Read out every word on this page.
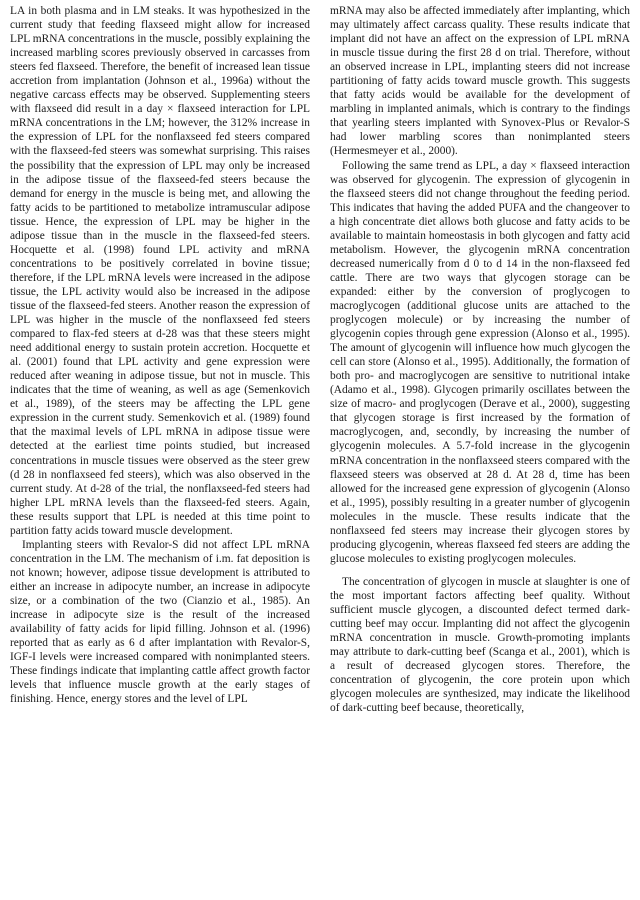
LA in both plasma and in LM steaks. It was hypothesized in the current study that feeding flaxseed might allow for increased LPL mRNA concentrations in the muscle, possibly explaining the increased marbling scores previously observed in carcasses from steers fed flaxseed. Therefore, the benefit of increased lean tissue accretion from implantation (Johnson et al., 1996a) without the negative carcass effects may be observed. Supplementing steers with flaxseed did result in a day × flaxseed interaction for LPL mRNA concentrations in the LM; however, the 312% increase in the expression of LPL for the nonflaxseed fed steers compared with the flaxseed-fed steers was somewhat surprising. This raises the possibility that the expression of LPL may only be increased in the adipose tissue of the flaxseed-fed steers because the demand for energy in the muscle is being met, and allowing the fatty acids to be partitioned to metabolize intramuscular adipose tissue. Hence, the expression of LPL may be higher in the adipose tissue than in the muscle in the flaxseed-fed steers. Hocquette et al. (1998) found LPL activity and mRNA concentrations to be positively correlated in bovine tissue; therefore, if the LPL mRNA levels were increased in the adipose tissue, the LPL activity would also be increased in the adipose tissue of the flaxseed-fed steers. Another reason the expression of LPL was higher in the muscle of the nonflaxseed fed steers compared to flax-fed steers at d-28 was that these steers might need additional energy to sustain protein accretion. Hocquette et al. (2001) found that LPL activity and gene expression were reduced after weaning in adipose tissue, but not in muscle. This indicates that the time of weaning, as well as age (Semenkovich et al., 1989), of the steers may be affecting the LPL gene expression in the current study. Semenkovich et al. (1989) found that the maximal levels of LPL mRNA in adipose tissue were detected at the earliest time points studied, but increased concentrations in muscle tissues were observed as the steer grew (d 28 in nonflaxseed fed steers), which was also observed in the current study. At d-28 of the trial, the nonflaxseed-fed steers had higher LPL mRNA levels than the flaxseed-fed steers. Again, these results support that LPL is needed at this time point to partition fatty acids toward muscle development.

Implanting steers with Revalor-S did not affect LPL mRNA concentration in the LM. The mechanism of i.m. fat deposition is not known; however, adipose tissue development is attributed to either an increase in adipocyte number, an increase in adipocyte size, or a combination of the two (Cianzio et al., 1985). An increase in adipocyte size is the result of the increased availability of fatty acids for lipid filling. Johnson et al. (1996) reported that as early as 6 d after implantation with Revalor-S, IGF-I levels were increased compared with nonimplanted steers. These findings indicate that implanting cattle affect growth factor levels that influence muscle growth at the early stages of finishing. Hence, energy stores and the level of LPL

mRNA may also be affected immediately after implanting, which may ultimately affect carcass quality. These results indicate that implant did not have an affect on the expression of LPL mRNA in muscle tissue during the first 28 d on trial. Therefore, without an observed increase in LPL, implanting steers did not increase partitioning of fatty acids toward muscle growth. This suggests that fatty acids would be available for the development of marbling in implanted animals, which is contrary to the findings that yearling steers implanted with Synovex-Plus or Revalor-S had lower marbling scores than nonimplanted steers (Hermesmeyer et al., 2000).

Following the same trend as LPL, a day × flaxseed interaction was observed for glycogenin. The expression of glycogenin in the flaxseed steers did not change throughout the feeding period. This indicates that having the added PUFA and the changeover to a high concentrate diet allows both glucose and fatty acids to be available to maintain homeostasis in both glycogen and fatty acid metabolism. However, the glycogenin mRNA concentration decreased numerically from d 0 to d 14 in the non-flaxseed fed cattle. There are two ways that glycogen storage can be expanded: either by the conversion of proglycogen to macroglycogen (additional glucose units are attached to the proglycogen molecule) or by increasing the number of glycogenin copies through gene expression (Alonso et al., 1995). The amount of glycogenin will influence how much glycogen the cell can store (Alonso et al., 1995). Additionally, the formation of both pro- and macroglycogen are sensitive to nutritional intake (Adamo et al., 1998). Glycogen primarily oscillates between the size of macro- and proglycogen (Derave et al., 2000), suggesting that glycogen storage is first increased by the formation of macroglycogen, and, secondly, by increasing the number of glycogenin molecules. A 5.7-fold increase in the glycogenin mRNA concentration in the nonflaxseed steers compared with the flaxseed steers was observed at 28 d. At 28 d, time has been allowed for the increased gene expression of glycogenin (Alonso et al., 1995), possibly resulting in a greater number of glycogenin molecules in the muscle. These results indicate that the nonflaxseed fed steers may increase their glycogen stores by producing glycogenin, whereas flaxseed fed steers are adding the glucose molecules to existing proglycogen molecules.

The concentration of glycogen in muscle at slaughter is one of the most important factors affecting beef quality. Without sufficient muscle glycogen, a discounted defect termed dark-cutting beef may occur. Implanting did not affect the glycogenin mRNA concentration in muscle. Growth-promoting implants may attribute to dark-cutting beef (Scanga et al., 2001), which is a result of decreased glycogen stores. Therefore, the concentration of glycogenin, the core protein upon which glycogen molecules are synthesized, may indicate the likelihood of dark-cutting beef because, theoretically,
